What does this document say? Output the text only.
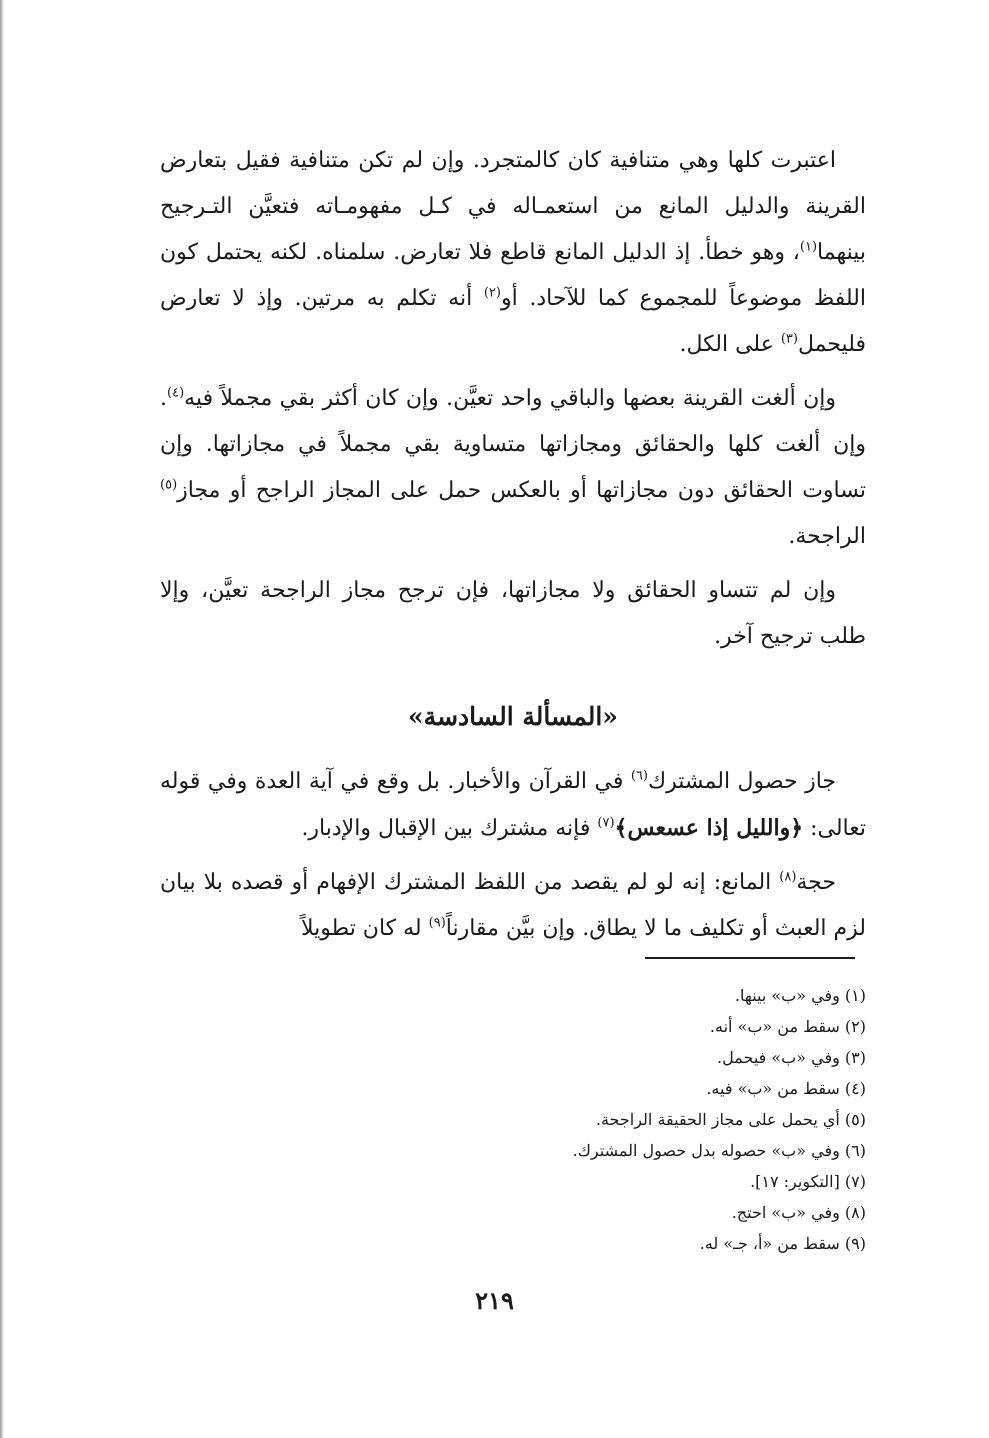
اعتبرت كلها وهي متنافية كان كالمتجرد. وإن لم تكن متنافية فقيل بتعارض القرينة والدليل المانع من استعمـاله في كـل مفهومـاته فتعيَّن التـرجيح بينهما$^{(١)}$، وهو خطأ. إذ الدليل المانع قاطع فلا تعارض. سلمناه. لكنه يحتمل كون اللفظ موضوعاً للمجموع كما للآحاد. أو$^{(٢)}$ أنه تكلم به مرتين. وإذ لا تعارض فليحمل$^{(٣)}$ على الكل.

وإن ألغت القرينة بعضها والباقي واحد تعيَّن. وإن كان أكثر بقي مجملاً فيه$^{(٤)}$. وإن ألغت كلها والحقائق ومجازاتها متساوية بقي مجملاً في مجازاتها. وإن تساوت الحقائق دون مجازاتها أو بالعكس حمل على المجاز الراجح أو مجاز$^{(٥)}$ الراجحة.

وإن لم تتساو الحقائق ولا مجازاتها، فإن ترجح مجاز الراجحة تعيَّن، وإلا طلب ترجيح آخر.

«المسألة السادسة»

جاز حصول المشترك$^{(٦)}$ في القرآن والأخبار. بل وقع في آية العدة وفي قوله تعالى: ﴿والليل إذا عسعس﴾$^{(٧)}$ فإنه مشترك بين الإقبال والإدبار.

حجة$^{(٨)}$ المانع: إنه لو لم يقصد من اللفظ المشترك الإفهام أو قصده بلا بيان لزم العبث أو تكليف ما لا يطاق. وإن بيَّن مقارناً$^{(٩)}$ له كان تطويلاً

(١) وفي «ب» بينها.
(٢) سقط من «ب» أنه.
(٣) وفي «ب» فيحمل.
(٤) سقط من «ب» فيه.
(٥) أي يحمل على مجاز الحقيقة الراجحة.
(٦) وفي «ب» حصوله بدل حصول المشترك.
(٧) [التكوير: ١٧].
(٨) وفي «ب» احتج.
(٩) سقط من «أ، جـ» له.
٢١٩
